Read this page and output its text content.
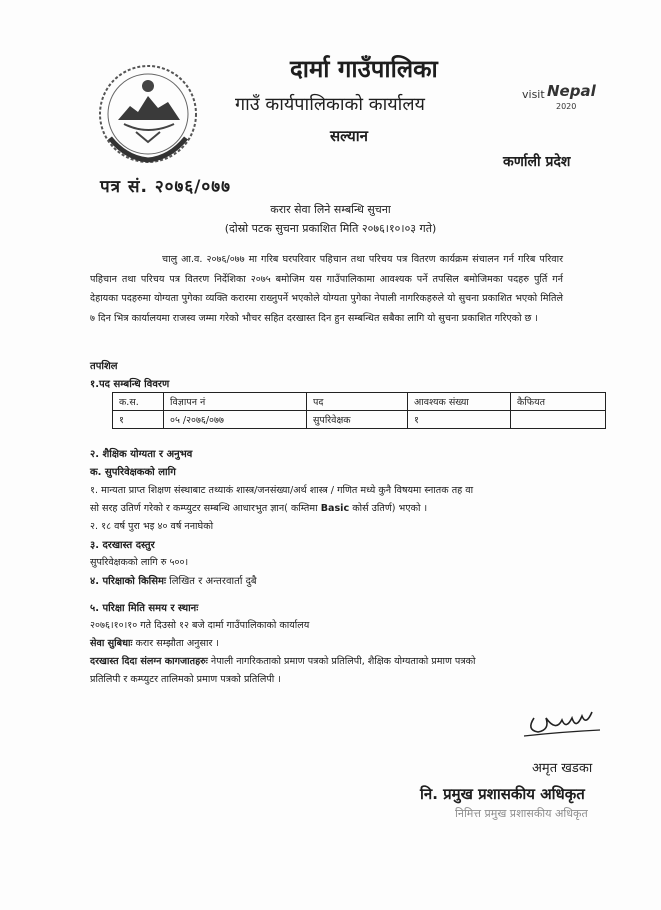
दार्मा गाउँपालिका
गाउँ कार्यपालिकाको कार्यालय
सल्यान
visit Nepal
2020
कर्णाली प्रदेश
पत्र सं. २०७६/०७७
करार सेवा लिने सम्बन्धि सुचना
(दोस्रो पटक सुचना प्रकाशित मिति २०७६।१०।०३ गते)
चालु आ.व. २०७६/०७७ मा गरिब घरपरिवार पहिचान तथा परिचय पत्र वितरण कार्यक्रम संचालन गर्न गरिब परिवार पहिचान तथा परिचय पत्र वितरण निर्देशिका २०७५ बमोजिम यस गाउँपालिकामा आवश्यक पर्ने तपसिल बमोजिमका पदहरु पुर्ति गर्न देहायका पदहरुमा योग्यता पुगेका व्यक्ति करारमा राख्नुपर्ने भएकोले योग्यता पुगेका नेपाली नागरिकहरुले यो सुचना प्रकाशित भएको मितिले ७ दिन भित्र कार्यालयमा राजस्व जम्मा गरेको भौचर सहित दरखास्त दिन हुन सम्बन्धित सबैका लागि यो सुचना प्रकाशित गरिएको छ ।
तपशिल
१.पद सम्बन्धि विवरण
क.स.	विज्ञापन नं	पद	आवश्यक संख्या	कैफियत
१	०५ /२०७६/०७७	सुपरिवेक्षक	१	
२. शैक्षिक योग्यता र अनुभव
क. सुपरिवेक्षकको लागि
१. मान्यता प्राप्त शिक्षण संस्थाबाट तथ्याकं शास्त्र/जनसंख्या/अर्थ शास्त्र / गणित मध्ये कुनै विषयमा स्नातक तह वा
सो सरह उतिर्ण गरेको र कम्प्युटर सम्बन्धि आधारभुत ज्ञान( कम्तिमा Basic कोर्स उतिर्ण) भएको ।
२. १८ वर्ष पुरा भइ ४० वर्ष ननाघेको
३. दरखास्त दस्तुर
सुपरिवेक्षकको लागि रु ५००।
४. परिक्षाको किसिमः लिखित र अन्तरवार्ता दुबै
५. परिक्षा मिति समय र स्थानः
२०७६।१०।१० गते दिउसो १२ बजे दार्मा गाउँपालिकाको कार्यालय
सेवा सुबिधाः करार सम्झौता अनुसार ।
दरखास्त दिदा संलग्न कागजातहरुः नेपाली नागरिकताको प्रमाण पत्रको प्रतिलिपी, शैक्षिक योग्यताको प्रमाण पत्रको
प्रतिलिपी र कम्प्युटर तालिमको प्रमाण पत्रको प्रतिलिपी ।
अमृत खडका
नि. प्रमुख प्रशासकीय अधिकृत
निमित्त प्रमुख प्रशासकीय अधिकृत
